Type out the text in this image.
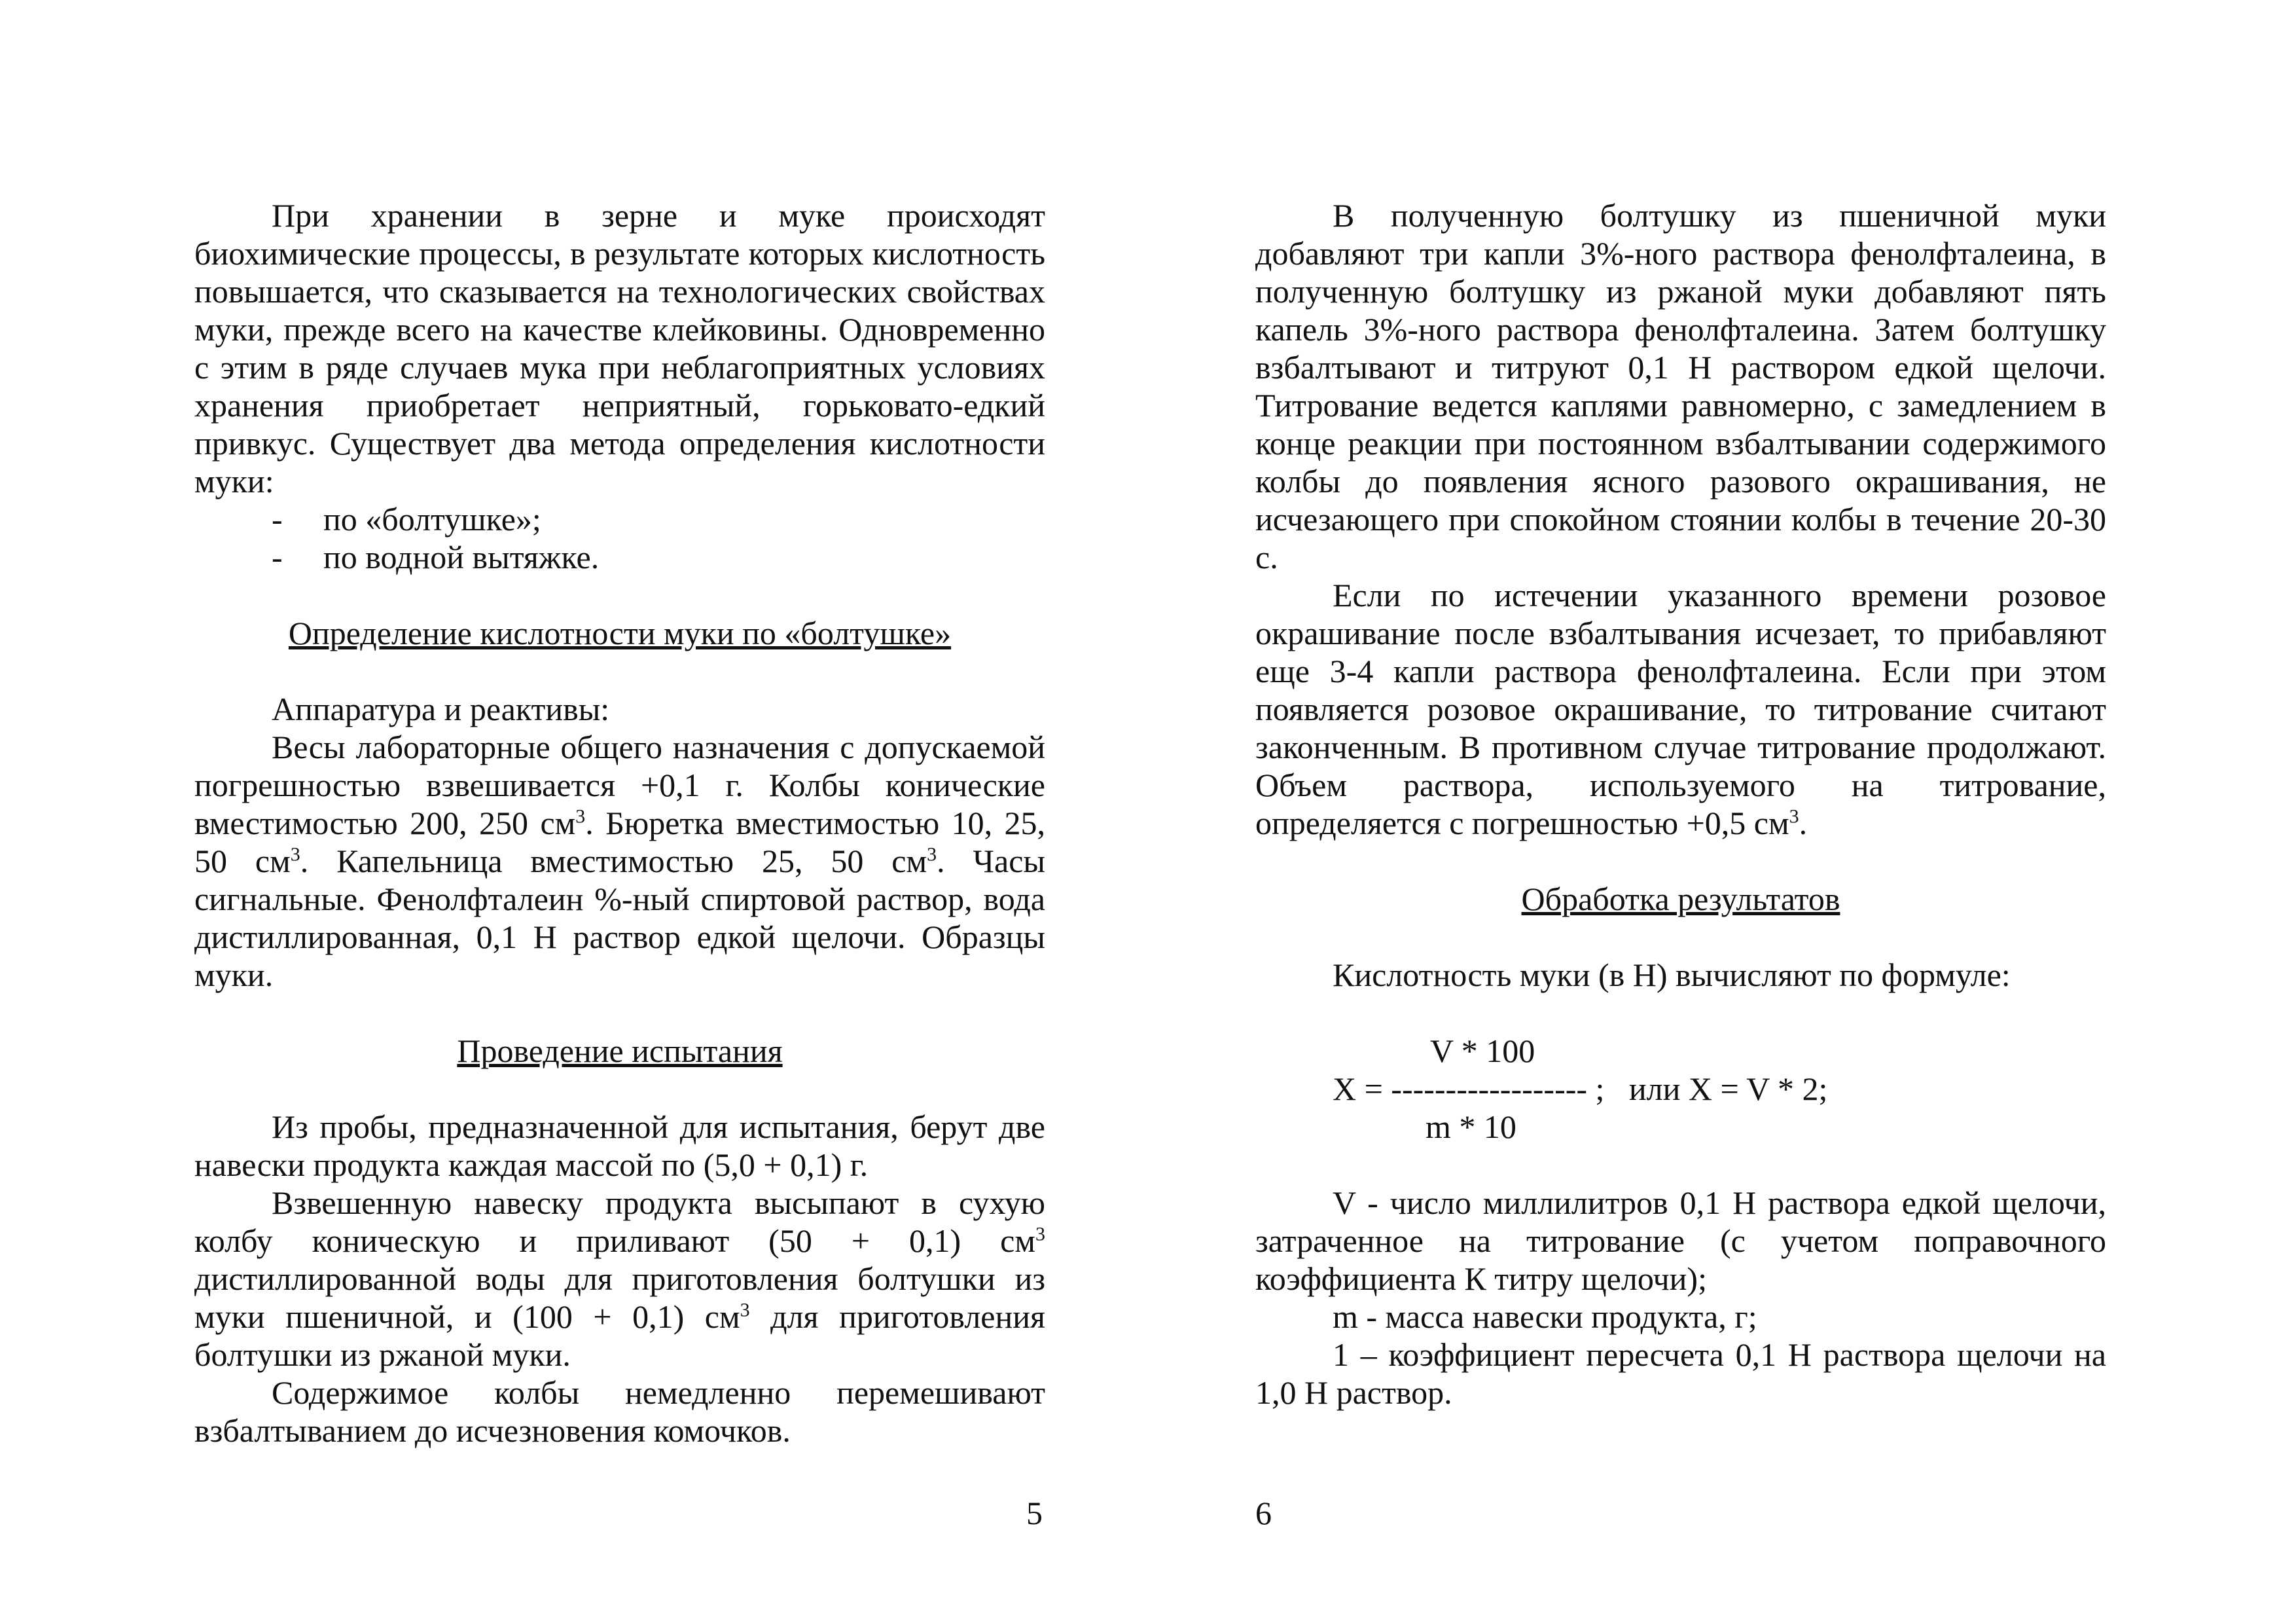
При хранении в зерне и муке происходят биохимические процессы, в результате которых кислотность повышается, что сказывается на технологических свойствах муки, прежде всего на качестве клейковины. Одновременно с этим в ряде случаев мука при неблагоприятных условиях хранения приобретает неприятный, горьковато-едкий привкус. Существует два метода определения кислотности муки:

- по «болтушке»;

- по водной вытяжке.

Определение кислотности муки по «болтушке»

Аппаратура и реактивы:

Весы лабораторные общего назначения с допускаемой погрешностью взвешивается +0,1 г. Колбы конические вместимостью 200, 250 $см^3$. Бюретка вместимостью 10, 25, 50 $см^3$. Капельница вместимостью 25, 50 $см^3$. Часы сигнальные. Фенолфталеин %-ный спиртовой раствор, вода дистиллированная, 0,1 Н раствор едкой щелочи. Образцы муки.

Проведение испытания

Из пробы, предназначенной для испытания, берут две навески продукта каждая массой по (5,0 + 0,1) г.

Взвешенную навеску продукта высыпают в сухую колбу коническую и приливают (50 + 0,1) $см^3$ дистиллированной воды для приготовления болтушки из муки пшеничной, и (100 + 0,1) $см^3$ для приготовления болтушки из ржаной муки.

Содержимое колбы немедленно перемешивают взбалтыванием до исчезновения комочков.

В полученную болтушку из пшеничной муки добавляют три капли 3%-ного раствора фенолфталеина, в полученную болтушку из ржаной муки добавляют пять капель 3%-ного раствора фенолфталеина. Затем болтушку взбалтывают и титруют 0,1 Н раствором едкой щелочи. Титрование ведется каплями равномерно, с замедлением в конце реакции при постоянном взбалтывании содержимого колбы до появления ясного разового окрашивания, не исчезающего при спокойном стоянии колбы в течение 20-30 с.

Если по истечении указанного времени розовое окрашивание после взбалтывания исчезает, то прибавляют еще 3-4 капли раствора фенолфталеина. Если при этом появляется розовое окрашивание, то титрование считают законченным. В противном случае титрование продолжают. Объем раствора, используемого на титрование, определяется с погрешностью +0,5 $см^3$.

Обработка результатов

Кислотность муки (в Н) вычисляют по формуле:

V * 100
X = ------------------ ;   или X = V * 2;
m * 10

V - число миллилитров 0,1 Н раствора едкой щелочи, затраченное на титрование (с учетом поправочного коэффициента К титру щелочи);

m - масса навески продукта, г;

1 – коэффициент пересчета 0,1 Н раствора щелочи на 1,0 Н раствор.

5	6
